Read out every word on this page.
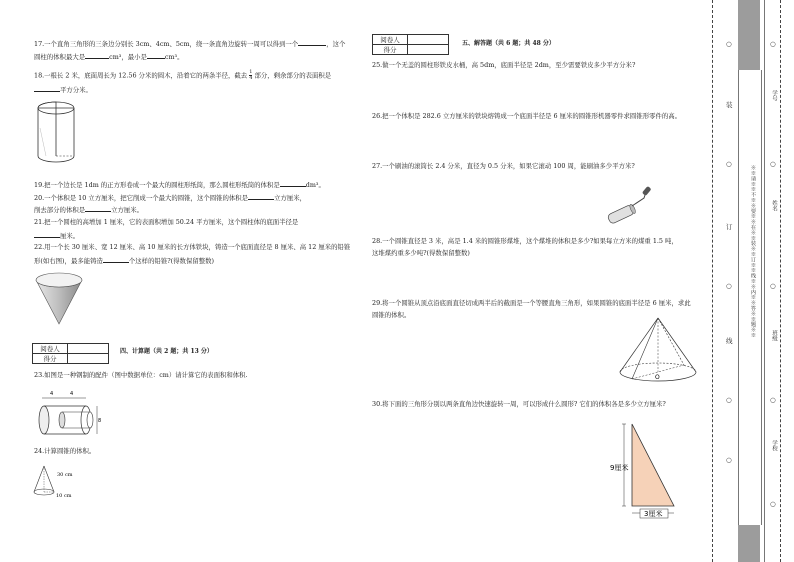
17.一个直角三角形的三条边分别长 3cm、4cm、5cm，绕一条直角边旋转一周可以得到一个	，这个
圆柱的体积最大是	cm³，最小是	cm³。
18.一根长 2 米，底面周长为 12.56 分米的圆木，沿着它的两条半径，截去 $\frac{1}{4}$ 部分，剩余部分的表面积是
平方分米。
19.把一个边长是 1dm 的正方形卷成一个最大的圆柱形纸筒，那么圆柱形纸筒的体积是	dm³。
20.一个体积是 10 立方厘米，把它削成一个最大的圆锥，这个圆锥的体积是	立方厘米，
削去部分的体积是	立方厘米。
21.把一个圆柱的高增加 1 厘米，它的表面积增加 50.24 平方厘米，这个圆柱体的底面半径是
厘米。
22.用一个长 30 厘米、宽 12 厘米、高 10 厘米的长方体铁块，铸造一个底面直径是 8 厘米、高 12 厘米的铅锥
形(如右图)，最多能铸造	个这样的铅锥?(得数保留整数)
阅卷人	
得分	
四、计算题（共 2 题；共 13 分）
23.如图是一种钢制的配件（图中数据单位：cm）请计算它的表面积和体积.
4	4
8
24.计算圆锥的体积。
30 cm
10 cm
阅卷人	
得分	
五、解答题（共 6 题；共 48 分）
25.做一个无盖的圆柱形铁皮水桶，高 5dm，底面半径是 2dm，至少需要铁皮多少平方分米?
26.把一个体积是 282.6 立方厘米的铁块熔铸成一个底面半径是 6 厘米的圆锥形机器零件求圆锥形零件的高。
27.一个刷油的滚筒长 2.4 分米，直径为 0.5 分米，如果它滚动 100 周，能刷油多少平方米?
28.一个圆锥直径是 3 米，高是 1.4 米的圆锥形煤堆，这个煤堆的体积是多少?如果每立方米的煤重 1.5 吨，
这堆煤约重多少吨?(得数保留整数)
29.将一个圆锥从顶点沿底面直径切成两半后的截面是一个等腰直角三角形，如果圆锥的底面半径是 6 厘米，求此
圆锥的体积。
O
30.将下面的三角形分别以两条直角边快速旋转一周，可以形成什么圆形? 它们的体积各是多少立方厘米?
9厘米
3厘米
※※请※※不※※要※※在※※装※※订※※线※※内※※答※※题※※
○
装
○
订
○
线
○
○
○
学号
○
姓名
○
班级
○
学校
○
